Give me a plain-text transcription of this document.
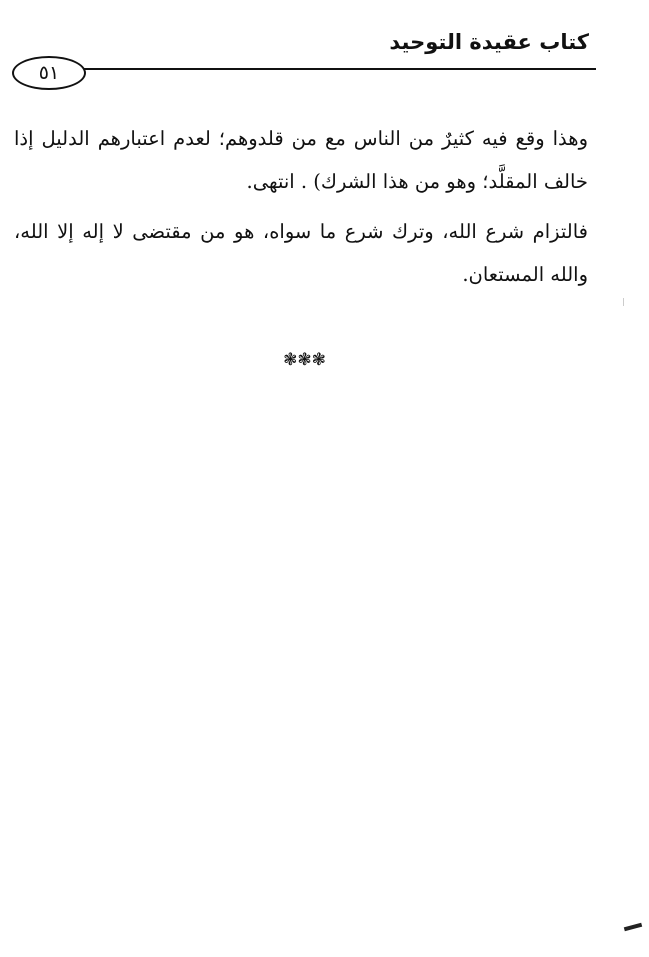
كتاب عقيدة التوحيد
٥١

وهذا وقع فيه كثيرٌ من الناس مع من قلدوهم؛ لعدم اعتبارهم الدليل إذا خالف المقلَّد؛ وهو من هذا الشرك) . انتهى.

فالتزام شرع الله، وترك شرع ما سواه، هو من مقتضى لا إله إلا الله، والله المستعان.

❃❃❃
